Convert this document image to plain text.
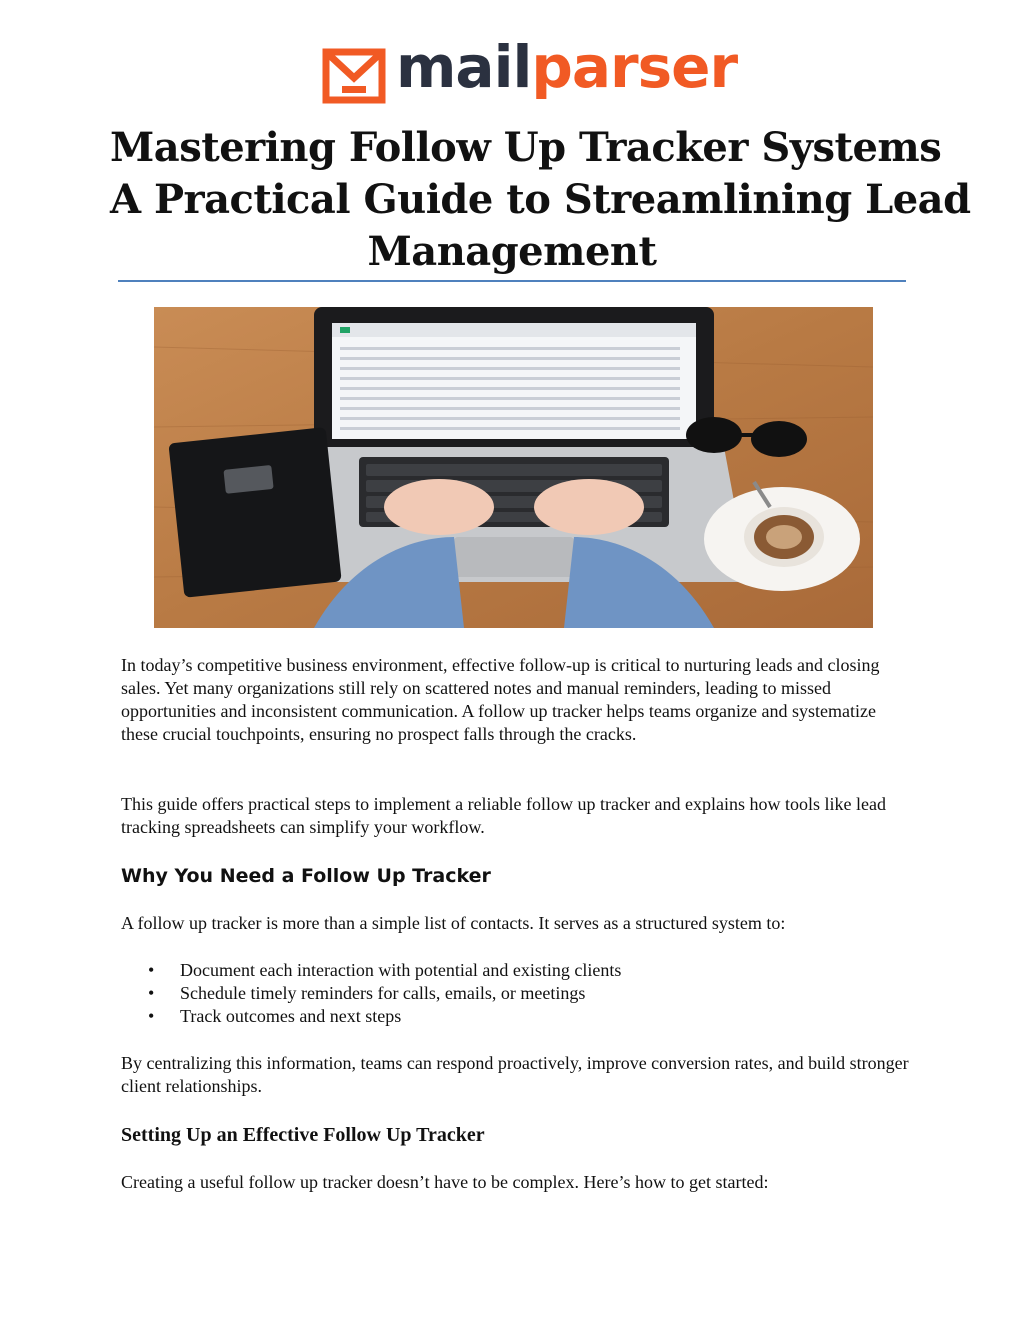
mailparser
Mastering Follow Up Tracker Systems
A Practical Guide to Streamlining Lead
Management
In today’s competitive business environment, effective follow-up is critical to nurturing leads and closing sales. Yet many organizations still rely on scattered notes and manual reminders, leading to missed opportunities and inconsistent communication. A follow up tracker helps teams organize and systematize these crucial touchpoints, ensuring no prospect falls through the cracks.
This guide offers practical steps to implement a reliable follow up tracker and explains how tools like lead tracking spreadsheets can simplify your workflow.
Why You Need a Follow Up Tracker
A follow up tracker is more than a simple list of contacts. It serves as a structured system to:
• Document each interaction with potential and existing clients
• Schedule timely reminders for calls, emails, or meetings
• Track outcomes and next steps
By centralizing this information, teams can respond proactively, improve conversion rates, and build stronger client relationships.
Setting Up an Effective Follow Up Tracker
Creating a useful follow up tracker doesn’t have to be complex. Here’s how to get started:
